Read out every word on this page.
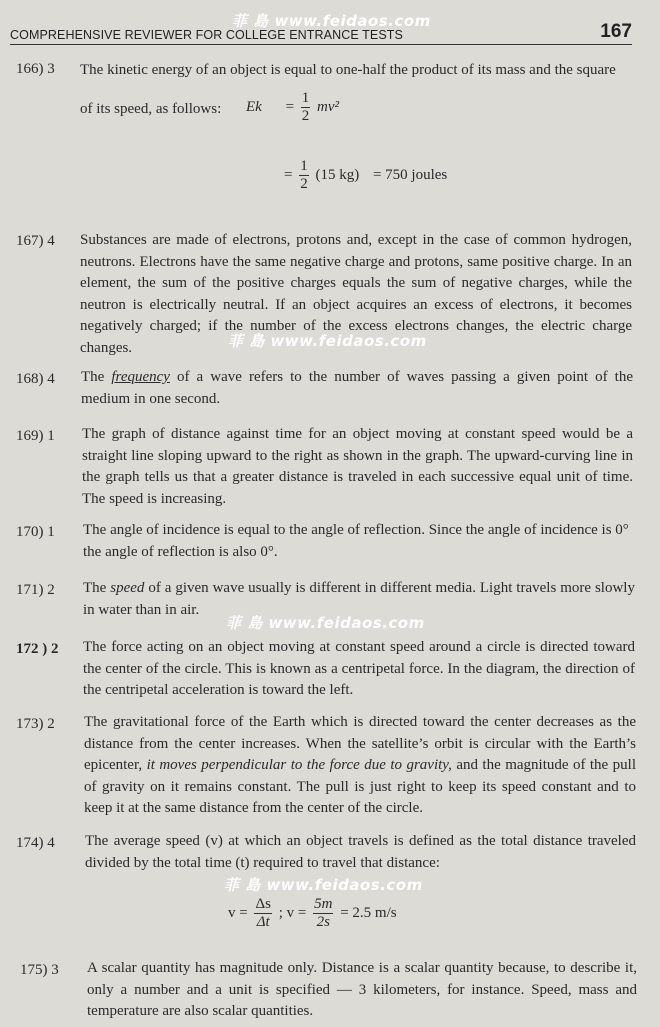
COMPREHENSIVE REVIEWER FOR COLLEGE ENTRANCE TESTS	167
菲 島 www.feidaos.com
菲 島 www.feidaos.com
菲 島 www.feidaos.com
菲 島 www.feidaos.com
166) 3 The kinetic energy of an object is equal to one-half the product of its mass and the square
of its speed, as follows: $Ek = \frac{1}{2} mv^2$
= $\frac{1}{2} (15$ kg) = 750 joules
167) 4 Substances are made of electrons, protons and, except in the case of common hydrogen, neutrons. Electrons have the same negative charge and protons, same positive charge. In an element, the sum of the positive charges equals the sum of negative charges, while the neutron is electrically neutral. If an object acquires an excess of electrons, it becomes negatively charged; if the number of the excess electrons changes, the electric charge changes.
168) 4 The frequency of a wave refers to the number of waves passing a given point of the medium in one second.
169) 1 The graph of distance against time for an object moving at constant speed would be a straight line sloping upward to the right as shown in the graph. The upward-curving line in the graph tells us that a greater distance is traveled in each successive equal unit of time. The speed is increasing.
170) 1 The angle of incidence is equal to the angle of reflection. Since the angle of incidence is 0° the angle of reflection is also 0°.
171) 2 The speed of a given wave usually is different in different media. Light travels more slowly in water than in air.
172 ) 2 The force acting on an object moving at constant speed around a circle is directed toward the center of the circle. This is known as a centripetal force. In the diagram, the direction of the centripetal acceleration is toward the left.
173) 2 The gravitational force of the Earth which is directed toward the center decreases as the distance from the center increases. When the satellite’s orbit is circular with the Earth’s epicenter, it moves perpendicular to the force due to gravity, and the magnitude of the pull of gravity on it remains constant. The pull is just right to keep its speed constant and to keep it at the same distance from the center of the circle.
174) 4 The average speed (v) at which an object travels is defined as the total distance traveled divided by the total time (t) required to travel that distance:
$v = \frac{\Delta s}{\Delta t}$ ; $v = \frac{5m}{2s} = 2.5$ m/s
175) 3 A scalar quantity has magnitude only. Distance is a scalar quantity because, to describe it, only a number and a unit is specified — 3 kilometers, for instance. Speed, mass and temperature are also scalar quantities.
